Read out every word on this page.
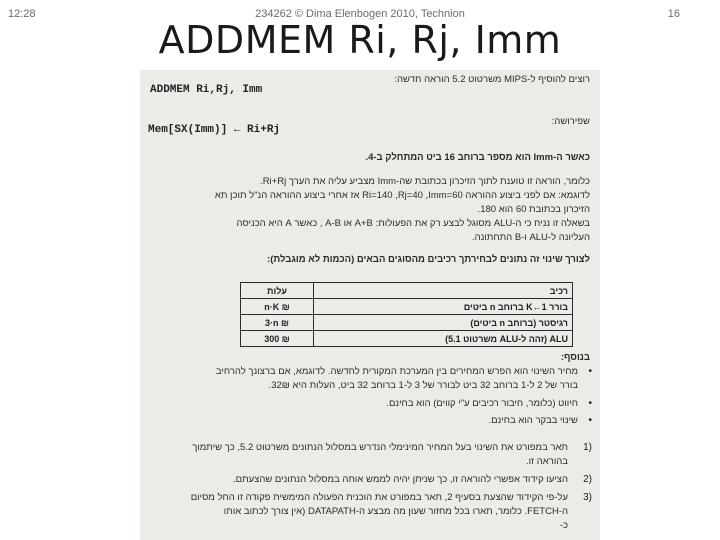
12:28	234262 © Dima Elenbogen 2010, Technion	16
ADDMEM Ri, Rj, Imm
רוצים להוסיף ל-MIPS משרטוט 5.2 הוראה חדשה:
ADDMEM Ri,Rj, Imm
שפירושה:
Mem[SX(Imm)] ← Ri+Rj
כאשר ה-Imm הוא מספר ברוחב 16 ביט המתחלק ב-4.
כלומר, הוראה זו טוענת לתוך הזיכרון בכתובת שה-Imm מצביע עליה את הערך Ri+Rj.
לדוגמא: אם לפני ביצוע ההוראה Ri=140 ,Rj=40 ,Imm=60 אז אחרי ביצוע ההוראה הנ"ל תוכן תא
הזיכרון בכתובת 60 הוא 180.
בשאלה זו נניח כי ה-ALU מסוגל לבצע רק את הפעולות: A+B או A-B , כאשר A היא הכניסה
העליונה ל-ALU ו-B התחתונה.
לצורך שינוי זה נתונים לבחירתך רכיבים מהסוגים הבאים (הכמות לא מוגבלת):
עלות	רכיב
n·K ₪	בורר 1←K ברוחב n ביטים
3·n ₪	רגיסטר (ברוחב n ביטים)
300 ₪	ALU (זהה ל-ALU משרטוט 5.1)
בנוסף:
מחיר השינוי הוא הפרש המחירים בין המערכת המקורית לחדשה. לדוגמא, אם ברצונך להרחיב •
בורר של 2 ל-1 ברוחב 32 ביט לבורר של 3 ל-1 ברוחב 32 ביט, העלות היא 32₪.
חיווט (כלומר, חיבור רכיבים ע"י קווים) הוא בחינם. •
שינוי בבקר הוא בחינם. •
תאר במפורט את השינוי בעל המחיר המינימלי הנדרש במסלול הנתונים משרטוט 5.2, כך שיתמוך 1)
בהוראה זו.
הציעו קידוד אפשרי להוראה זו, כך שניתן יהיה לממש אותה במסלול הנתונים שהצעתם. 2)
על-פי הקידוד שהצעת בסעיף 2, תאר במפורט את הוכנית הפעולה המימשית פקודה זו החל מסיום 3)
ה-FETCH. כלומר, תארו בכל מחזור שעון מה מבצע ה-DATAPATH (אין צורך לכתוב אותו
כ-
